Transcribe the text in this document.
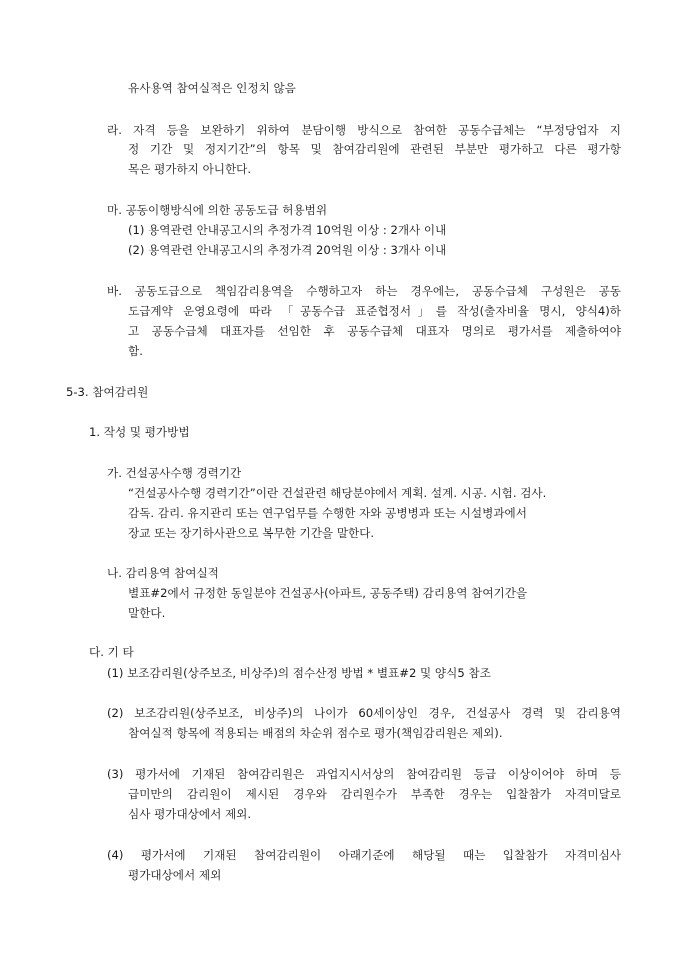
유사용역 참여실적은 인정치 않음
라. 자격 등을 보완하기 위하여 분담이행 방식으로 참여한 공동수급체는 “부정당업자 지
정 기간 및 정지기간”의 항목 및 참여감리원에 관련된 부분만 평가하고 다른 평가항
목은 평가하지 아니한다.
마. 공동이행방식에 의한 공동도급 허용범위
(1) 용역관련 안내공고시의 추정가격 10억원 이상 : 2개사 이내
(2) 용역관련 안내공고시의 추정가격 20억원 이상 : 3개사 이내
바. 공동도급으로 책임감리용역을 수행하고자 하는 경우에는, 공동수급체 구성원은 공동
도급계약 운영요령에 따라 「공동수급 표준협정서」를 작성(출자비율 명시, 양식4)하
고 공동수급체 대표자를 선임한 후 공동수급체 대표자 명의로 평가서를 제출하여야
함.
5-3. 참여감리원
1. 작성 및 평가방법
가. 건설공사수행 경력기간
“건설공사수행 경력기간”이란 건설관련 해당분야에서 계획. 설계. 시공. 시험. 검사.
감독. 감리. 유지관리 또는 연구업무를 수행한 자와 공병병과 또는 시설병과에서
장교 또는 장기하사관으로 복무한 기간을 말한다.
나. 감리용역 참여실적
별표#2에서 규정한 동일분야 건설공사(아파트, 공동주택) 감리용역 참여기간을
말한다.
다. 기 타
(1) 보조감리원(상주보조, 비상주)의 점수산정 방법 * 별표#2 및 양식5 참조
(2) 보조감리원(상주보조, 비상주)의 나이가 60세이상인 경우, 건설공사 경력 및 감리용역
참여실적 항목에 적용되는 배점의 차순위 점수로 평가(책임감리원은 제외).
(3) 평가서에 기재된 참여감리원은 과업지시서상의 참여감리원 등급 이상이어야 하며 등
급미만의 감리원이 제시된 경우와 감리원수가 부족한 경우는 입찰참가 자격미달로
심사 평가대상에서 제외.
(4) 평가서에 기재된 참여감리원이 아래기준에 해당될 때는 입찰참가 자격미심사
평가대상에서 제외
